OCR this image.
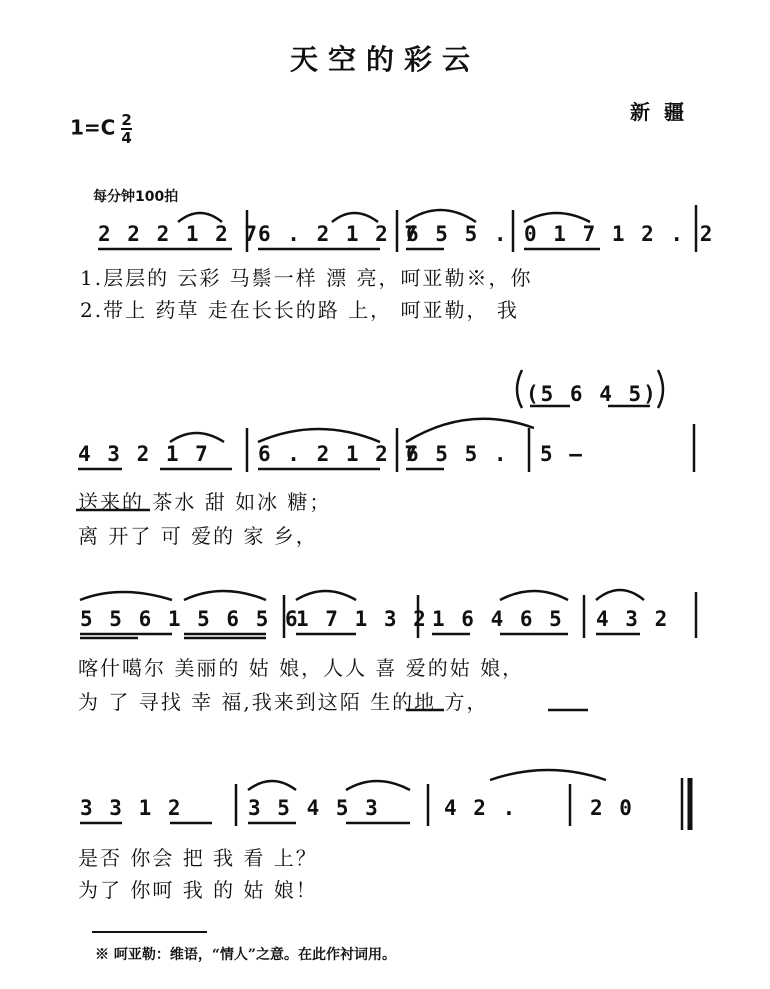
天空的彩云
$1=C \frac{2}{4}$	新疆
每分钟100拍
2 2 2 1 2 7
6 . 2 1 2 7
6 5 5 . 0 1 7 1 2 . 2
1.层层的 云彩 马鬃一样 漂 亮，呵亚勒※，你
2.带上 药草 走在长长的路 上， 呵亚勒， 我
(5 6 4 5)
4 3 2 1 7 6 . 2 1 2 7
6 5 5 . 5 –
送来的 茶水 甜 如冰 糖；
离 开了 可 爱的 家 乡，
5 5 6 1 5 6 5 6
1 7 1 3 2 1 6 4 6 5 4 3 2
喀什噶尔 美丽的 姑 娘，人人 喜 爱的姑 娘，
为 了 寻找 幸 福,我来到这陌 生的地 方，
3 3 1 2	3 5 4 5 3	4 2 .	2 0
是否 你会 把 我 看 上？
为了 你呵 我 的 姑 娘！
※ 呵亚勒：维语，“情人”之意。在此作衬词用。
